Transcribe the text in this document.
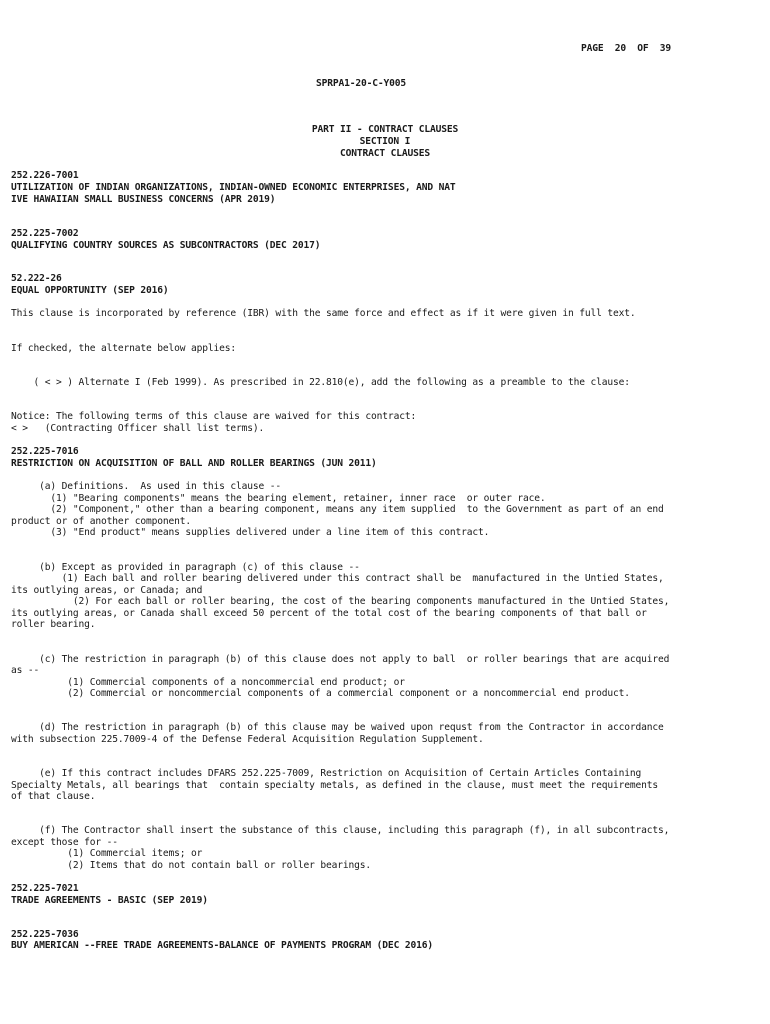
PAGE  20  OF  39
SPRPA1-20-C-Y005
PART II - CONTRACT CLAUSES
SECTION I
CONTRACT CLAUSES
252.226-7001
UTILIZATION OF INDIAN ORGANIZATIONS, INDIAN-OWNED ECONOMIC ENTERPRISES, AND NAT
IVE HAWAIIAN SMALL BUSINESS CONCERNS (APR 2019)
252.225-7002
QUALIFYING COUNTRY SOURCES AS SUBCONTRACTORS (DEC 2017)
52.222-26
EQUAL OPPORTUNITY (SEP 2016)
This clause is incorporated by reference (IBR) with the same force and effect as if it were given in full text.
If checked, the alternate below applies:
( < > ) Alternate I (Feb 1999). As prescribed in 22.810(e), add the following as a preamble to the clause:
Notice: The following terms of this clause are waived for this contract:
< >   (Contracting Officer shall list terms).
252.225-7016
RESTRICTION ON ACQUISITION OF BALL AND ROLLER BEARINGS (JUN 2011)
(a) Definitions.  As used in this clause --
(1) "Bearing components" means the bearing element, retainer, inner race  or outer race.
(2) "Component," other than a bearing component, means any item supplied  to the Government as part of an end
product or of another component.
(3) "End product" means supplies delivered under a line item of this contract.
(b) Except as provided in paragraph (c) of this clause --
(1) Each ball and roller bearing delivered under this contract shall be  manufactured in the Untied States,
its outlying areas, or Canada; and
(2) For each ball or roller bearing, the cost of the bearing components manufactured in the Untied States,
its outlying areas, or Canada shall exceed 50 percent of the total cost of the bearing components of that ball or
roller bearing.
(c) The restriction in paragraph (b) of this clause does not apply to ball  or roller bearings that are acquired
as --
(1) Commercial components of a noncommercial end product; or
(2) Commercial or noncommercial components of a commercial component or a noncommercial end product.
(d) The restriction in paragraph (b) of this clause may be waived upon requst from the Contractor in accordance
with subsection 225.7009-4 of the Defense Federal Acquisition Regulation Supplement.
(e) If this contract includes DFARS 252.225-7009, Restriction on Acquisition of Certain Articles Containing
Specialty Metals, all bearings that  contain specialty metals, as defined in the clause, must meet the requirements
of that clause.
(f) The Contractor shall insert the substance of this clause, including this paragraph (f), in all subcontracts,
except those for --
(1) Commercial items; or
(2) Items that do not contain ball or roller bearings.
252.225-7021
TRADE AGREEMENTS - BASIC (SEP 2019)
252.225-7036
BUY AMERICAN --FREE TRADE AGREEMENTS-BALANCE OF PAYMENTS PROGRAM (DEC 2016)
